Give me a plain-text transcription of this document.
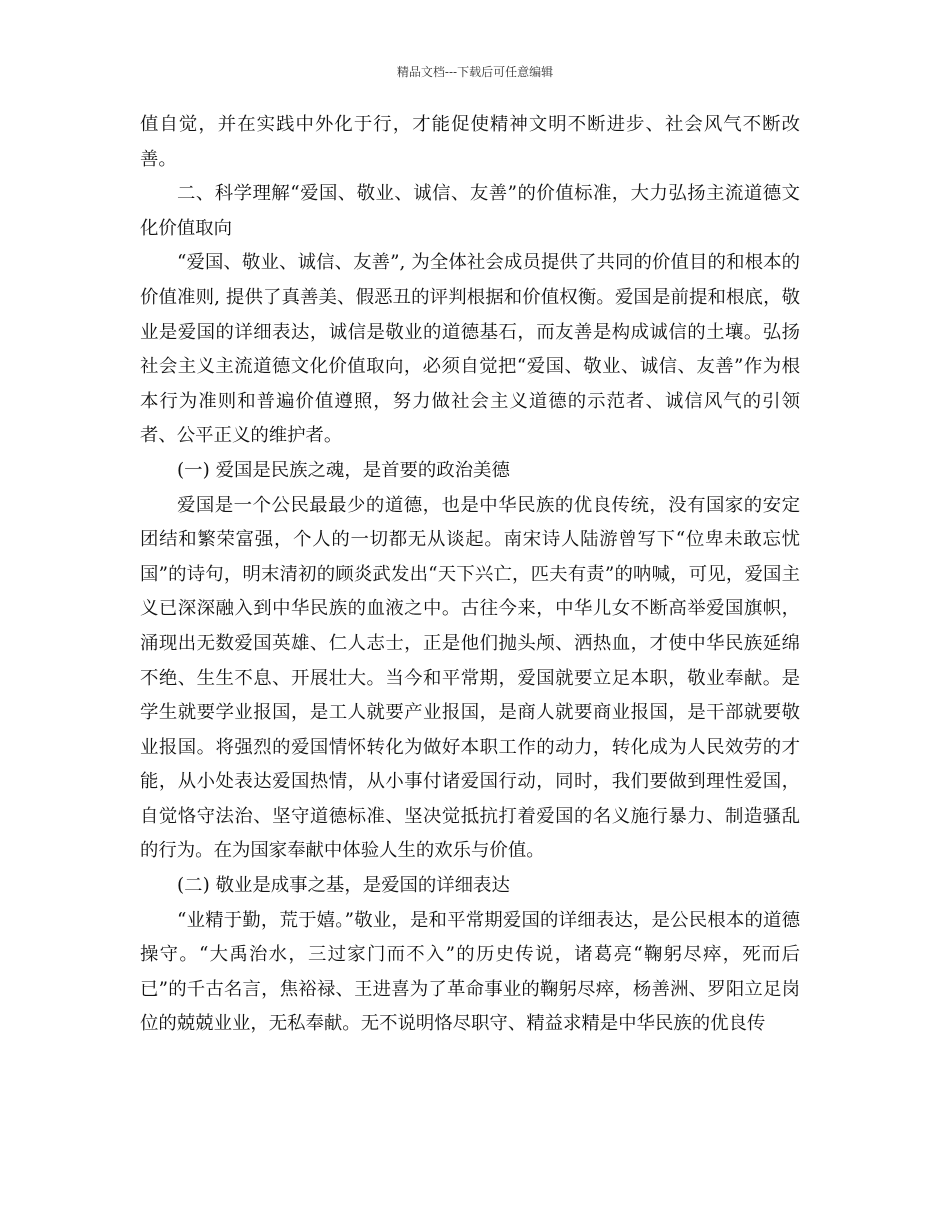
精品文档---下载后可任意编辑

值自觉，并在实践中外化于行，才能促使精神文明不断进步、社会风气不断改善。

二、科学理解“爱国、敬业、诚信、友善”的价值标准，大力弘扬主流道德文化价值取向

“爱国、敬业、诚信、友善”, 为全体社会成员提供了共同的价值目的和根本的价值准则, 提供了真善美、假恶丑的评判根据和价值权衡。爱国是前提和根底，敬业是爱国的详细表达，诚信是敬业的道德基石，而友善是构成诚信的土壤。弘扬社会主义主流道德文化价值取向，必须自觉把“爱国、敬业、诚信、友善”作为根本行为准则和普遍价值遵照，努力做社会主义道德的示范者、诚信风气的引领者、公平正义的维护者。

(一) 爱国是民族之魂，是首要的政治美德

爱国是一个公民最最少的道德，也是中华民族的优良传统，没有国家的安定团结和繁荣富强，个人的一切都无从谈起。南宋诗人陆游曾写下“位卑未敢忘忧国”的诗句，明末清初的顾炎武发出“天下兴亡，匹夫有责”的呐喊，可见，爱国主义已深深融入到中华民族的血液之中。古往今来，中华儿女不断高举爱国旗帜，涌现出无数爱国英雄、仁人志士，正是他们抛头颅、洒热血，才使中华民族延绵不绝、生生不息、开展壮大。当今和平常期，爱国就要立足本职，敬业奉献。是学生就要学业报国，是工人就要产业报国，是商人就要商业报国，是干部就要敬业报国。将强烈的爱国情怀转化为做好本职工作的动力，转化成为人民效劳的才能，从小处表达爱国热情，从小事付诸爱国行动，同时，我们要做到理性爱国，自觉恪守法治、坚守道德标准、坚决觉抵抗打着爱国的名义施行暴力、制造骚乱的行为。在为国家奉献中体验人生的欢乐与价值。

(二) 敬业是成事之基，是爱国的详细表达

“业精于勤，荒于嬉。”敬业，是和平常期爱国的详细表达，是公民根本的道德操守。“大禹治水，三过家门而不入”的历史传说，诸葛亮“鞠躬尽瘁，死而后已”的千古名言，焦裕禄、王进喜为了革命事业的鞠躬尽瘁，杨善洲、罗阳立足岗位的兢兢业业，无私奉献。无不说明恪尽职守、精益求精是中华民族的优良传
